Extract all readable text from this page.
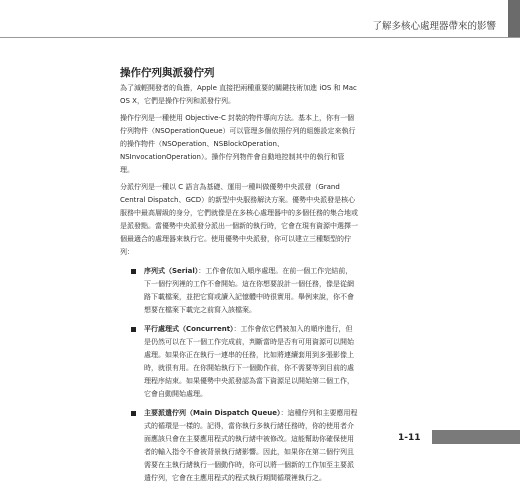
了解多核心處理器帶來的影響
操作佇列與派發佇列

為了減輕開發者的負擔，Apple 直接把兩種重要的關鍵技術加進 iOS 和 Mac OS X，它們是操作佇列和派發佇列。

操作佇列是一種使用 Objective-C 封裝的物件導向方法。基本上，你有一個佇列物件（NSOperationQueue）可以管理多個依照佇列的組態設定來執行的操作物件（NSOperation、NSBlockOperation、NSInvocationOperation）。操作佇列物件會自動地控制其中的執行和管理。

分派佇列是一種以 C 語言為基礎、運用一種叫做優勢中央派發（Grand Central Dispatch、GCD）的新型中央服務解決方案。優勢中央派發是核心服務中最高層級的身分，它們就像是在多核心處理器中的多個任務的集合地或是派發點。當優勢中央派發分派出一個新的執行時，它會在現有資源中選擇一個最適合的處理器來執行它。使用優勢中央派發，你可以建立三種類型的佇列：

序列式（Serial）：工作會依加入順序處理。在前一個工作完結前，下一個佇列裡的工作不會開始。這在你想要設計一個任務，像是從網路下載檔案，並把它寫或讀入記憶體中時很實用。舉例來說，你不會想要在檔案下載完之前寫入該檔案。
平行處理式（Concurrent）：工作會依它們被加入的順序進行，但是仍然可以在下一個工作完成前，判斷當時是否有可用資源可以開始處理。如果你正在執行一連串的任務，比如將連續套用到多張影像上時，就很有用。在你開始執行下一個動作前，你不需要等到目前的處理程序結束。如果優勢中央派發認為當下資源足以開始第二個工作，它會自動開始處理。
主要派遣佇列（Main Dispatch Queue）：這種佇列和主要應用程式的循環是一樣的。記得，當你執行多執行緒任務時，你的使用者介面應該只會在主要應用程式的執行緒中被修改。這能幫助你確保使用者的輸入指令不會被背景執行緒影響。因此，如果你在第二個佇列且需要在主執行緒執行一個動作時，你可以將一個新的工作加至主要派遣佇列，它會在主應用程式的程式執行期間循環裡執行之。
1-11
